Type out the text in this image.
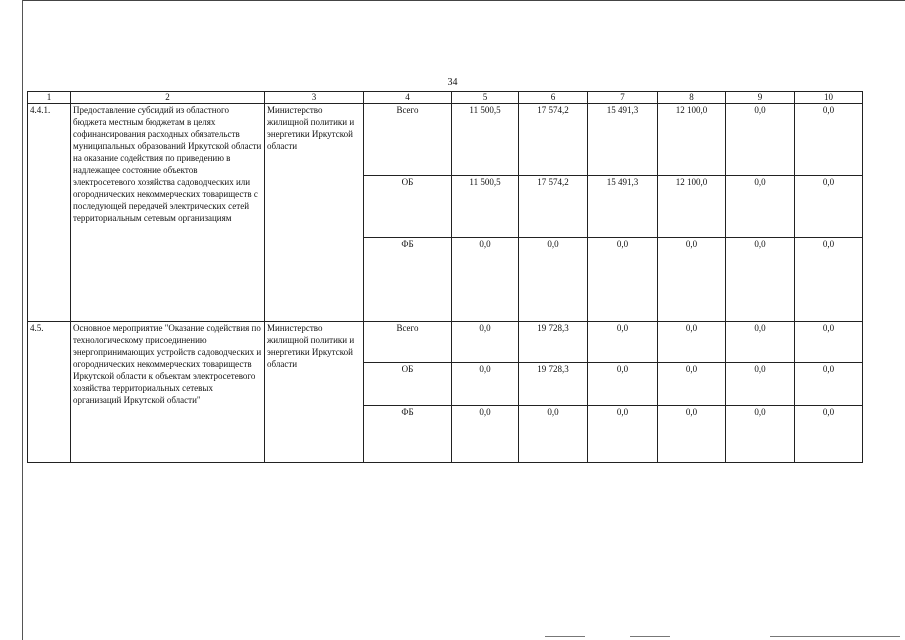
34
1	2	3	4	5	6	7	8	9	10
4.4.1.	Предоставление субсидий из областного бюджета местным бюджетам в целях софинансирования расходных обязательств муниципальных образований Иркутской области на оказание содействия по приведению в надлежащее состояние объектов электросетевого хозяйства садоводческих или огороднических некоммерческих товариществ с последующей передачей электрических сетей территориальным сетевым организациям	Министерство жилищной политики и энергетики Иркутской области	Всего	11 500,5	17 574,2	15 491,3	12 100,0	0,0	0,0
			ОБ	11 500,5	17 574,2	15 491,3	12 100,0	0,0	0,0
			ФБ	0,0	0,0	0,0	0,0	0,0	0,0
4.5.	Основное мероприятие "Оказание содействия по технологическому присоединению энергопринимающих устройств садоводческих и огороднических некоммерческих товариществ Иркутской области к объектам электросетевого хозяйства территориальных сетевых организаций Иркутской области"	Министерство жилищной политики и энергетики Иркутской области	Всего	0,0	19 728,3	0,0	0,0	0,0	0,0
			ОБ	0,0	19 728,3	0,0	0,0	0,0	0,0
			ФБ	0,0	0,0	0,0	0,0	0,0	0,0
